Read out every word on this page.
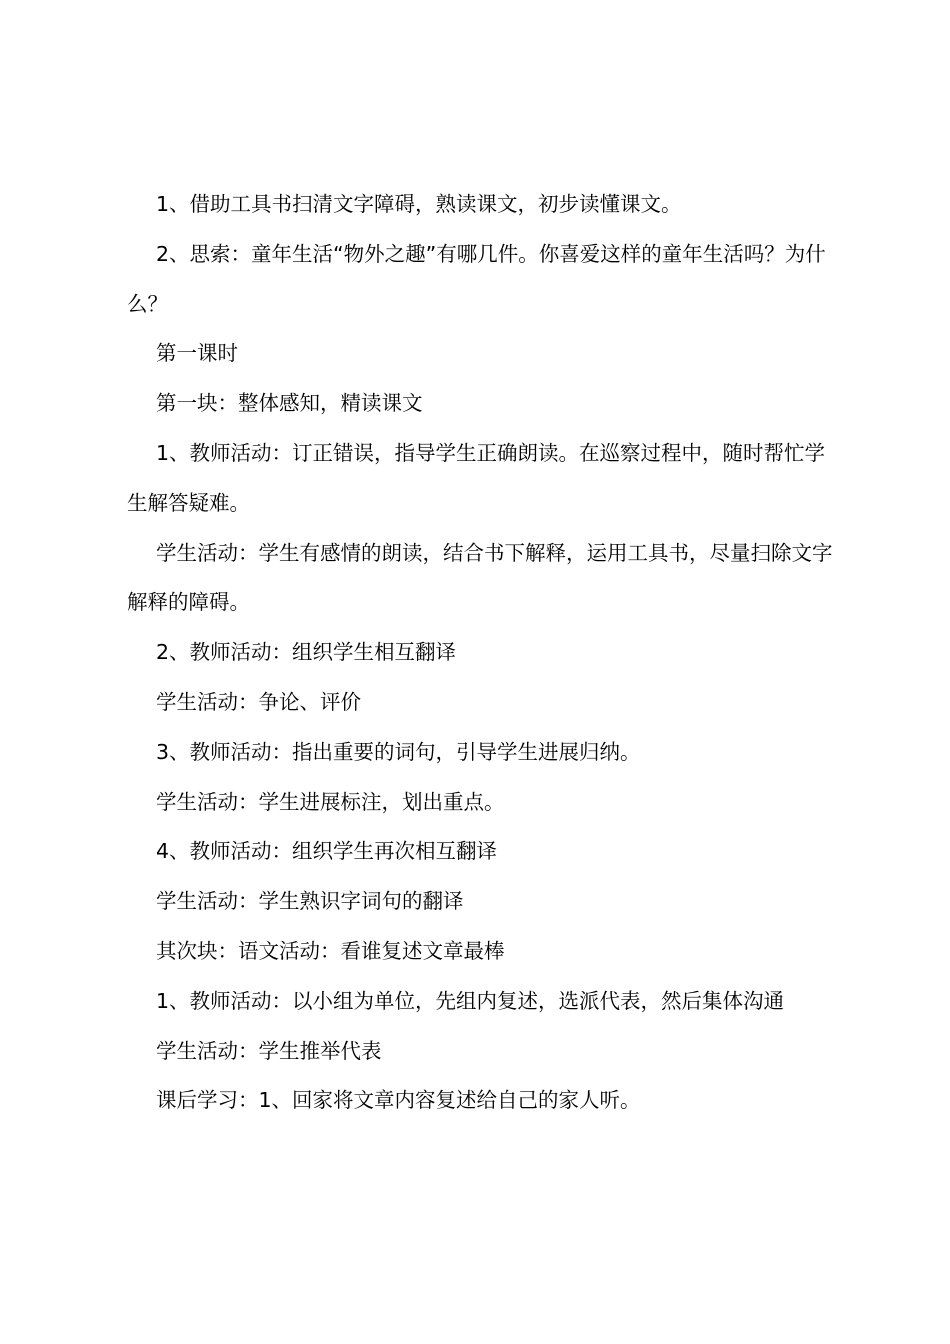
1、借助工具书扫清文字障碍，熟读课文，初步读懂课文。

2、思索：童年生活“物外之趣”有哪几件。你喜爱这样的童年生活吗？为什么？

第一课时

第一块：整体感知，精读课文

1、教师活动：订正错误，指导学生正确朗读。在巡察过程中，随时帮忙学生解答疑难。

学生活动：学生有感情的朗读，结合书下解释，运用工具书，尽量扫除文字解释的障碍。

2、教师活动：组织学生相互翻译

学生活动：争论、评价

3、教师活动：指出重要的词句，引导学生进展归纳。

学生活动：学生进展标注，划出重点。

4、教师活动：组织学生再次相互翻译

学生活动：学生熟识字词句的翻译

其次块：语文活动：看谁复述文章最棒

1、教师活动：以小组为单位，先组内复述，选派代表，然后集体沟通

学生活动：学生推举代表

课后学习：1、回家将文章内容复述给自己的家人听。
